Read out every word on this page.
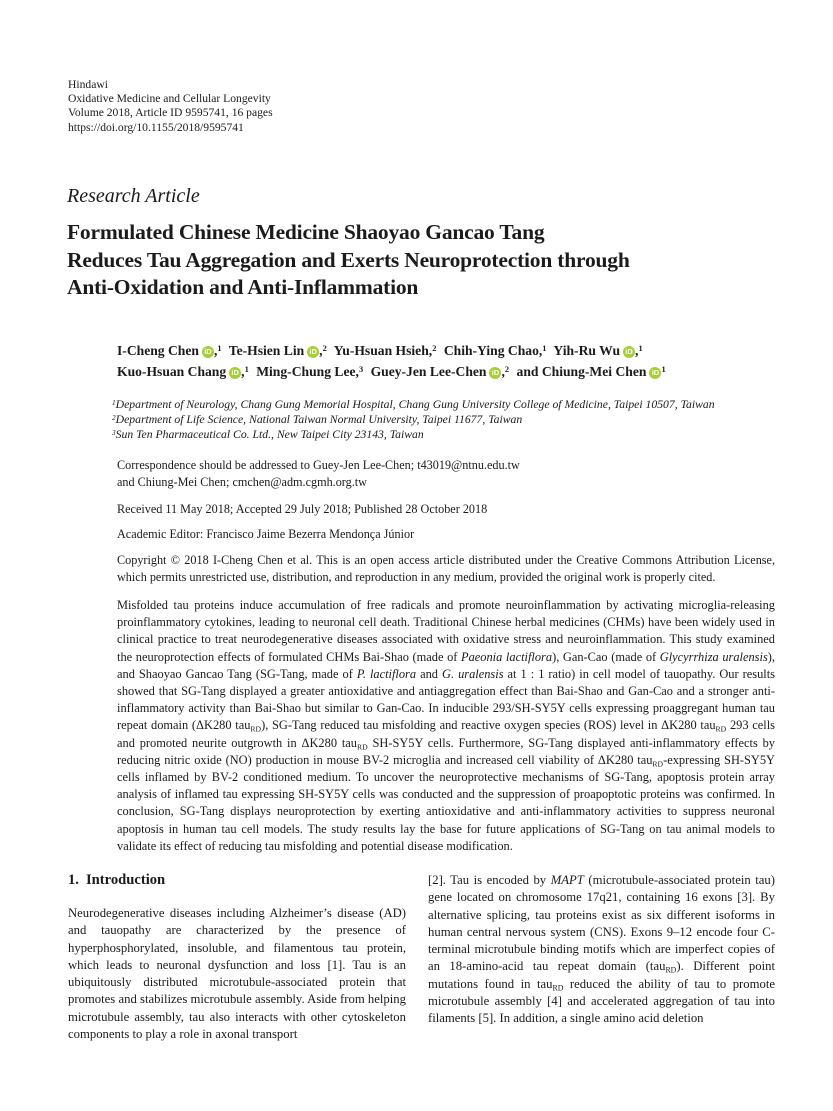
Hindawi
Oxidative Medicine and Cellular Longevity
Volume 2018, Article ID 9595741, 16 pages
https://doi.org/10.1155/2018/9595741
Research Article
Formulated Chinese Medicine Shaoyao Gancao Tang
Reduces Tau Aggregation and Exerts Neuroprotection through
Anti-Oxidation and Anti-Inflammation
I-Cheng Chen iD ,$^1$ Te-Hsien Lin iD ,$^2$ Yu-Hsuan Hsieh,$^2$ Chih-Ying Chao,$^1$ Yih-Ru Wu iD ,$^1$
Kuo-Hsuan Chang iD ,$^1$ Ming-Chung Lee,$^3$ Guey-Jen Lee-Chen iD ,$^2$ and Chiung-Mei Chen iD $^1$
$^1$Department of Neurology, Chang Gung Memorial Hospital, Chang Gung University College of Medicine, Taipei 10507, Taiwan
$^2$Department of Life Science, National Taiwan Normal University, Taipei 11677, Taiwan
$^3$Sun Ten Pharmaceutical Co. Ltd., New Taipei City 23143, Taiwan
Correspondence should be addressed to Guey-Jen Lee-Chen; t43019@ntnu.edu.tw
and Chiung-Mei Chen; cmchen@adm.cgmh.org.tw
Received 11 May 2018; Accepted 29 July 2018; Published 28 October 2018
Academic Editor: Francisco Jaime Bezerra Mendonça Júnior
Copyright © 2018 I-Cheng Chen et al. This is an open access article distributed under the Creative Commons Attribution License, which permits unrestricted use, distribution, and reproduction in any medium, provided the original work is properly cited.
Misfolded tau proteins induce accumulation of free radicals and promote neuroinflammation by activating microglia-releasing proinflammatory cytokines, leading to neuronal cell death. Traditional Chinese herbal medicines (CHMs) have been widely used in clinical practice to treat neurodegenerative diseases associated with oxidative stress and neuroinflammation. This study examined the neuroprotection effects of formulated CHMs Bai-Shao (made of Paeonia lactiflora), Gan-Cao (made of Glycyrrhiza uralensis), and Shaoyao Gancao Tang (SG-Tang, made of P. lactiflora and G. uralensis at 1 : 1 ratio) in cell model of tauopathy. Our results showed that SG-Tang displayed a greater antioxidative and antiaggregation effect than Bai-Shao and Gan-Cao and a stronger anti-inflammatory activity than Bai-Shao but similar to Gan-Cao. In inducible 293/SH-SY5Y cells expressing proaggregant human tau repeat domain (ΔK280 tau$_{RD}$), SG-Tang reduced tau misfolding and reactive oxygen species (ROS) level in ΔK280 tau$_{RD}$ 293 cells and promoted neurite outgrowth in ΔK280 tau$_{RD}$ SH-SY5Y cells. Furthermore, SG-Tang displayed anti-inflammatory effects by reducing nitric oxide (NO) production in mouse BV-2 microglia and increased cell viability of ΔK280 tau$_{RD}$-expressing SH-SY5Y cells inflamed by BV-2 conditioned medium. To uncover the neuroprotective mechanisms of SG-Tang, apoptosis protein array analysis of inflamed tau expressing SH-SY5Y cells was conducted and the suppression of proapoptotic proteins was confirmed. In conclusion, SG-Tang displays neuroprotection by exerting antioxidative and anti-inflammatory activities to suppress neuronal apoptosis in human tau cell models. The study results lay the base for future applications of SG-Tang on tau animal models to validate its effect of reducing tau misfolding and potential disease modification.
1. Introduction

Neurodegenerative diseases including Alzheimer’s disease (AD) and tauopathy are characterized by the presence of hyperphosphorylated, insoluble, and filamentous tau protein, which leads to neuronal dysfunction and loss [1]. Tau is an ubiquitously distributed microtubule-associated protein that promotes and stabilizes microtubule assembly. Aside from helping microtubule assembly, tau also interacts with other cytoskeleton components to play a role in axonal transport

[2]. Tau is encoded by MAPT (microtubule-associated protein tau) gene located on chromosome 17q21, containing 16 exons [3]. By alternative splicing, tau proteins exist as six different isoforms in human central nervous system (CNS). Exons 9–12 encode four C-terminal microtubule binding motifs which are imperfect copies of an 18-amino-acid tau repeat domain (tau$_{RD}$). Different point mutations found in tau$_{RD}$ reduced the ability of tau to promote microtubule assembly [4] and accelerated aggregation of tau into filaments [5]. In addition, a single amino acid deletion
